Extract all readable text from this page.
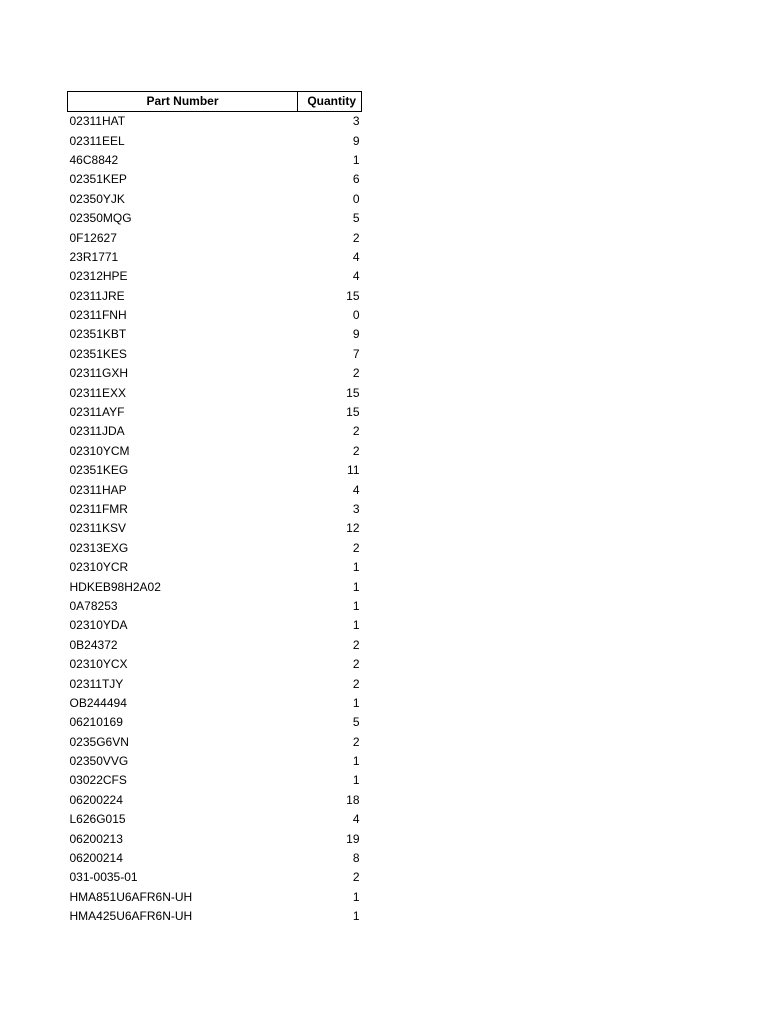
Part Number	Quantity
02311HAT	3
02311EEL	9
46C8842	1
02351KEP	6
02350YJK	0
02350MQG	5
0F12627	2
23R1771	4
02312HPE	4
02311JRE	15
02311FNH	0
02351KBT	9
02351KES	7
02311GXH	2
02311EXX	15
02311AYF	15
02311JDA	2
02310YCM	2
02351KEG	11
02311HAP	4
02311FMR	3
02311KSV	12
02313EXG	2
02310YCR	1
HDKEB98H2A02	1
0A78253	1
02310YDA	1
0B24372	2
02310YCX	2
02311TJY	2
OB244494	1
06210169	5
0235G6VN	2
02350VVG	1
03022CFS	1
06200224	18
L626G015	4
06200213	19
06200214	8
031-0035-01	2
HMA851U6AFR6N-UH	1
HMA425U6AFR6N-UH	1
